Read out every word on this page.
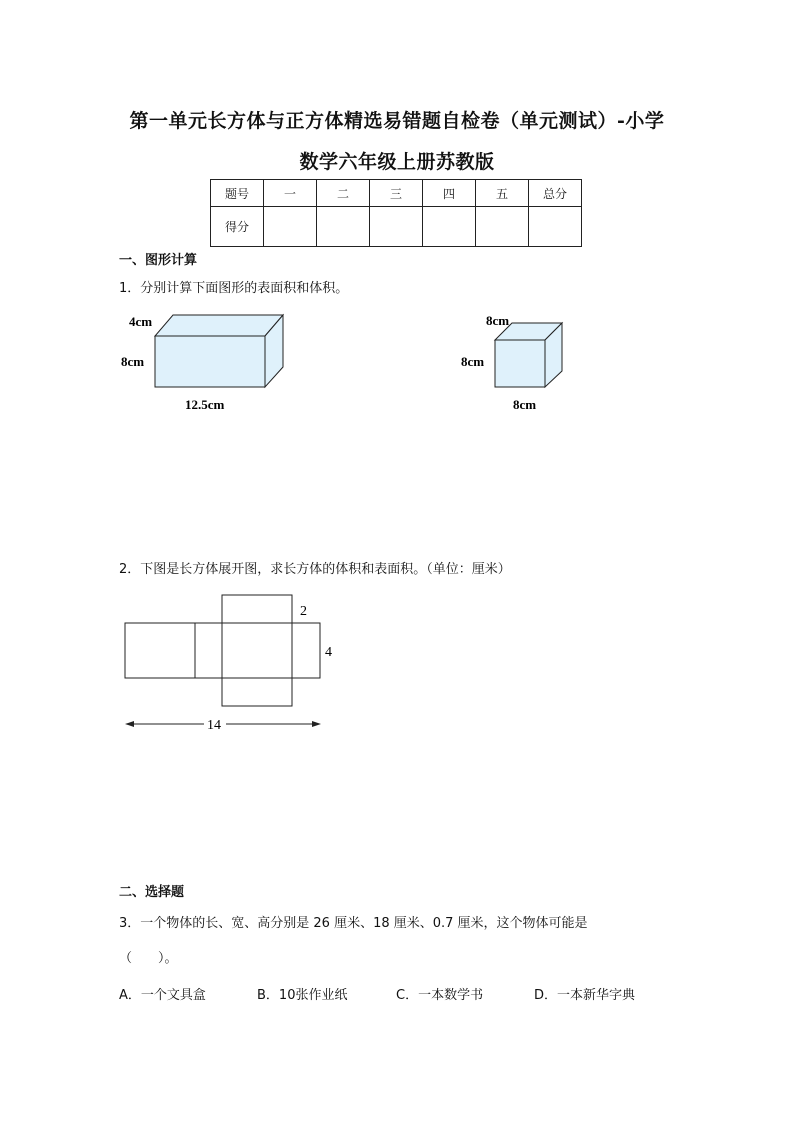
第一单元长方体与正方体精选易错题自检卷（单元测试）-小学
数学六年级上册苏教版
题号	一	二	三	四	五	总分
得分						
一、图形计算
1．分别计算下面图形的表面积和体积。
4cm
8cm
12.5cm
8cm
8cm
8cm
2．下图是长方体展开图，求长方体的体积和表面积。（单位：厘米）
2
4
14
二、选择题
3．一个物体的长、宽、高分别是 26 厘米、18 厘米、0.7 厘米，这个物体可能是
（　　）。
A．一个文具盒	B．10张作业纸	C．一本数学书	D．一本新华字典
